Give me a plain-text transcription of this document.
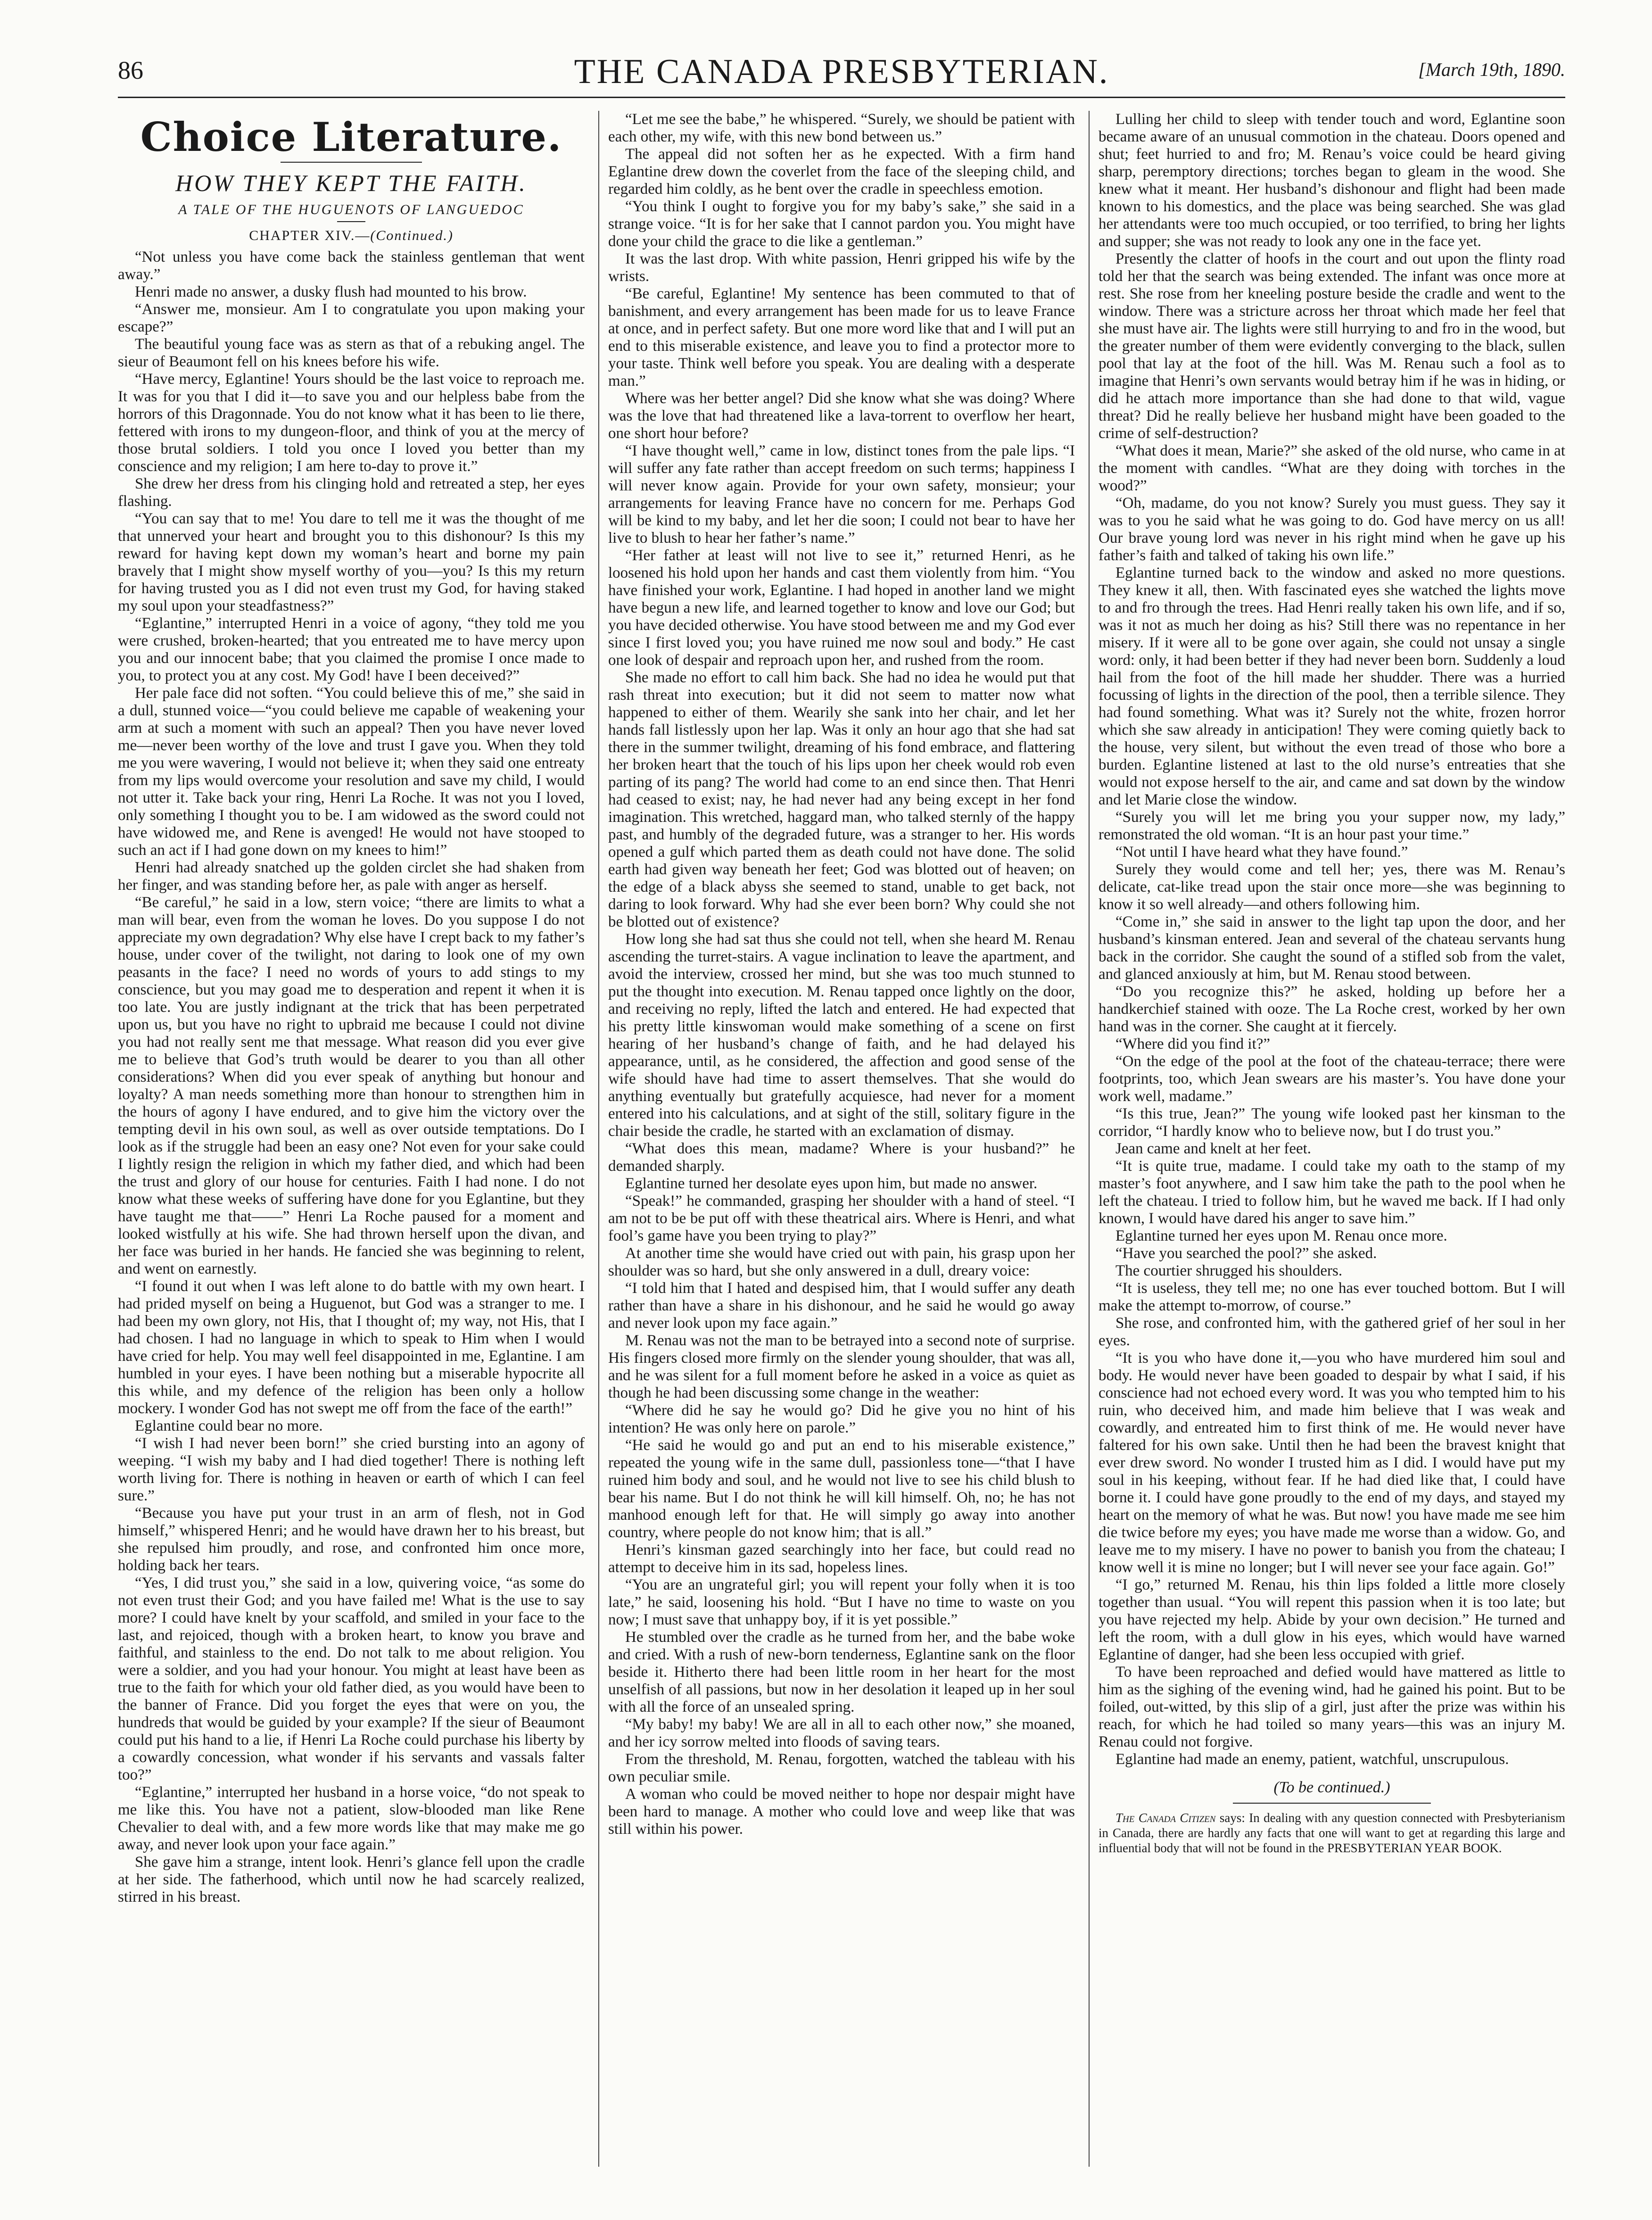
86	THE CANADA PRESBYTERIAN.	[March 19th, 1890.
Choice Literature.
HOW THEY KEPT THE FAITH.
A TALE OF THE HUGUENOTS OF LANGUEDOC
CHAPTER XIV.—(Continued.)

“Not unless you have come back the stainless gentleman that went away.”

Henri made no answer, a dusky flush had mounted to his brow.

“Answer me, monsieur. Am I to congratulate you upon making your escape?”

The beautiful young face was as stern as that of a rebuking angel. The sieur of Beaumont fell on his knees before his wife.

“Have mercy, Eglantine! Yours should be the last voice to reproach me. It was for you that I did it—to save you and our helpless babe from the horrors of this Dragonnade. You do not know what it has been to lie there, fettered with irons to my dungeon-floor, and think of you at the mercy of those brutal soldiers. I told you once I loved you better than my conscience and my religion; I am here to-day to prove it.”

She drew her dress from his clinging hold and retreated a step, her eyes flashing.

“You can say that to me! You dare to tell me it was the thought of me that unnerved your heart and brought you to this dishonour? Is this my reward for having kept down my woman’s heart and borne my pain bravely that I might show myself worthy of you—you? Is this my return for having trusted you as I did not even trust my God, for having staked my soul upon your steadfastness?”

“Eglantine,” interrupted Henri in a voice of agony, “they told me you were crushed, broken-hearted; that you entreated me to have mercy upon you and our innocent babe; that you claimed the promise I once made to you, to protect you at any cost. My God! have I been deceived?”

Her pale face did not soften. “You could believe this of me,” she said in a dull, stunned voice—“you could believe me capable of weakening your arm at such a moment with such an appeal? Then you have never loved me—never been worthy of the love and trust I gave you. When they told me you were wavering, I would not believe it; when they said one entreaty from my lips would overcome your resolution and save my child, I would not utter it. Take back your ring, Henri La Roche. It was not you I loved, only something I thought you to be. I am widowed as the sword could not have widowed me, and Rene is avenged! He would not have stooped to such an act if I had gone down on my knees to him!”

Henri had already snatched up the golden circlet she had shaken from her finger, and was standing before her, as pale with anger as herself.

“Be careful,” he said in a low, stern voice; “there are limits to what a man will bear, even from the woman he loves. Do you suppose I do not appreciate my own degradation? Why else have I crept back to my father’s house, under cover of the twilight, not daring to look one of my own peasants in the face? I need no words of yours to add stings to my conscience, but you may goad me to desperation and repent it when it is too late. You are justly indignant at the trick that has been perpetrated upon us, but you have no right to upbraid me because I could not divine you had not really sent me that message. What reason did you ever give me to believe that God’s truth would be dearer to you than all other considerations? When did you ever speak of anything but honour and loyalty? A man needs something more than honour to strengthen him in the hours of agony I have endured, and to give him the victory over the tempting devil in his own soul, as well as over outside temptations. Do I look as if the struggle had been an easy one? Not even for your sake could I lightly resign the religion in which my father died, and which had been the trust and glory of our house for centuries. Faith I had none. I do not know what these weeks of suffering have done for you Eglantine, but they have taught me that——” Henri La Roche paused for a moment and looked wistfully at his wife. She had thrown herself upon the divan, and her face was buried in her hands. He fancied she was beginning to relent, and went on earnestly.

“I found it out when I was left alone to do battle with my own heart. I had prided myself on being a Huguenot, but God was a stranger to me. I had been my own glory, not His, that I thought of; my way, not His, that I had chosen. I had no language in which to speak to Him when I would have cried for help. You may well feel disappointed in me, Eglantine. I am humbled in your eyes. I have been nothing but a miserable hypocrite all this while, and my defence of the religion has been only a hollow mockery. I wonder God has not swept me off from the face of the earth!”

Eglantine could bear no more.

“I wish I had never been born!” she cried bursting into an agony of weeping. “I wish my baby and I had died together! There is nothing left worth living for. There is nothing in heaven or earth of which I can feel sure.”

“Because you have put your trust in an arm of flesh, not in God himself,” whispered Henri; and he would have drawn her to his breast, but she repulsed him proudly, and rose, and confronted him once more, holding back her tears.

“Yes, I did trust you,” she said in a low, quivering voice, “as some do not even trust their God; and you have failed me! What is the use to say more? I could have knelt by your scaffold, and smiled in your face to the last, and rejoiced, though with a broken heart, to know you brave and faithful, and stainless to the end. Do not talk to me about religion. You were a soldier, and you had your honour. You might at least have been as true to the faith for which your old father died, as you would have been to the banner of France. Did you forget the eyes that were on you, the hundreds that would be guided by your example? If the sieur of Beaumont could put his hand to a lie, if Henri La Roche could purchase his liberty by a cowardly concession, what wonder if his servants and vassals falter too?”

“Eglantine,” interrupted her husband in a horse voice, “do not speak to me like this. You have not a patient, slow-blooded man like Rene Chevalier to deal with, and a few more words like that may make me go away, and never look upon your face again.”

She gave him a strange, intent look. Henri’s glance fell upon the cradle at her side. The fatherhood, which until now he had scarcely realized, stirred in his breast.

“Let me see the babe,” he whispered. “Surely, we should be patient with each other, my wife, with this new bond between us.”

The appeal did not soften her as he expected. With a firm hand Eglantine drew down the coverlet from the face of the sleeping child, and regarded him coldly, as he bent over the cradle in speechless emotion.

“You think I ought to forgive you for my baby’s sake,” she said in a strange voice. “It is for her sake that I cannot pardon you. You might have done your child the grace to die like a gentleman.”

It was the last drop. With white passion, Henri gripped his wife by the wrists.

“Be careful, Eglantine! My sentence has been commuted to that of banishment, and every arrangement has been made for us to leave France at once, and in perfect safety. But one more word like that and I will put an end to this miserable existence, and leave you to find a protector more to your taste. Think well before you speak. You are dealing with a desperate man.”

Where was her better angel? Did she know what she was doing? Where was the love that had threatened like a lava-torrent to overflow her heart, one short hour before?

“I have thought well,” came in low, distinct tones from the pale lips. “I will suffer any fate rather than accept freedom on such terms; happiness I will never know again. Provide for your own safety, monsieur; your arrangements for leaving France have no concern for me. Perhaps God will be kind to my baby, and let her die soon; I could not bear to have her live to blush to hear her father’s name.”

“Her father at least will not live to see it,” returned Henri, as he loosened his hold upon her hands and cast them violently from him. “You have finished your work, Eglantine. I had hoped in another land we might have begun a new life, and learned together to know and love our God; but you have decided otherwise. You have stood between me and my God ever since I first loved you; you have ruined me now soul and body.” He cast one look of despair and reproach upon her, and rushed from the room.

She made no effort to call him back. She had no idea he would put that rash threat into execution; but it did not seem to matter now what happened to either of them. Wearily she sank into her chair, and let her hands fall listlessly upon her lap. Was it only an hour ago that she had sat there in the summer twilight, dreaming of his fond embrace, and flattering her broken heart that the touch of his lips upon her cheek would rob even parting of its pang? The world had come to an end since then. That Henri had ceased to exist; nay, he had never had any being except in her fond imagination. This wretched, haggard man, who talked sternly of the happy past, and humbly of the degraded future, was a stranger to her. His words opened a gulf which parted them as death could not have done. The solid earth had given way beneath her feet; God was blotted out of heaven; on the edge of a black abyss she seemed to stand, unable to get back, not daring to look forward. Why had she ever been born? Why could she not be blotted out of existence?

How long she had sat thus she could not tell, when she heard M. Renau ascending the turret-stairs. A vague inclination to leave the apartment, and avoid the interview, crossed her mind, but she was too much stunned to put the thought into execution. M. Renau tapped once lightly on the door, and receiving no reply, lifted the latch and entered. He had expected that his pretty little kinswoman would make something of a scene on first hearing of her husband’s change of faith, and he had delayed his appearance, until, as he considered, the affection and good sense of the wife should have had time to assert themselves. That she would do anything eventually but gratefully acquiesce, had never for a moment entered into his calculations, and at sight of the still, solitary figure in the chair beside the cradle, he started with an exclamation of dismay.

“What does this mean, madame? Where is your husband?” he demanded sharply.

Eglantine turned her desolate eyes upon him, but made no answer.

“Speak!” he commanded, grasping her shoulder with a hand of steel. “I am not to be be put off with these theatrical airs. Where is Henri, and what fool’s game have you been trying to play?”

At another time she would have cried out with pain, his grasp upon her shoulder was so hard, but she only answered in a dull, dreary voice:

“I told him that I hated and despised him, that I would suffer any death rather than have a share in his dishonour, and he said he would go away and never look upon my face again.”

M. Renau was not the man to be betrayed into a second note of surprise. His fingers closed more firmly on the slender young shoulder, that was all, and he was silent for a full moment before he asked in a voice as quiet as though he had been discussing some change in the weather:

“Where did he say he would go? Did he give you no hint of his intention? He was only here on parole.”

“He said he would go and put an end to his miserable existence,” repeated the young wife in the same dull, passionless tone—“that I have ruined him body and soul, and he would not live to see his child blush to bear his name. But I do not think he will kill himself. Oh, no; he has not manhood enough left for that. He will simply go away into another country, where people do not know him; that is all.”

Henri’s kinsman gazed searchingly into her face, but could read no attempt to deceive him in its sad, hopeless lines.

“You are an ungrateful girl; you will repent your folly when it is too late,” he said, loosening his hold. “But I have no time to waste on you now; I must save that unhappy boy, if it is yet possible.”

He stumbled over the cradle as he turned from her, and the babe woke and cried. With a rush of new-born tenderness, Eglantine sank on the floor beside it. Hitherto there had been little room in her heart for the most unselfish of all passions, but now in her desolation it leaped up in her soul with all the force of an unsealed spring.

“My baby! my baby! We are all in all to each other now,” she moaned, and her icy sorrow melted into floods of saving tears.

From the threshold, M. Renau, forgotten, watched the tableau with his own peculiar smile.

A woman who could be moved neither to hope nor despair might have been hard to manage. A mother who could love and weep like that was still within his power.

Lulling her child to sleep with tender touch and word, Eglantine soon became aware of an unusual commotion in the chateau. Doors opened and shut; feet hurried to and fro; M. Renau’s voice could be heard giving sharp, peremptory directions; torches began to gleam in the wood. She knew what it meant. Her husband’s dishonour and flight had been made known to his domestics, and the place was being searched. She was glad her attendants were too much occupied, or too terrified, to bring her lights and supper; she was not ready to look any one in the face yet.

Presently the clatter of hoofs in the court and out upon the flinty road told her that the search was being extended. The infant was once more at rest. She rose from her kneeling posture beside the cradle and went to the window. There was a stricture across her throat which made her feel that she must have air. The lights were still hurrying to and fro in the wood, but the greater number of them were evidently converging to the black, sullen pool that lay at the foot of the hill. Was M. Renau such a fool as to imagine that Henri’s own servants would betray him if he was in hiding, or did he attach more importance than she had done to that wild, vague threat? Did he really believe her husband might have been goaded to the crime of self-destruction?

“What does it mean, Marie?” she asked of the old nurse, who came in at the moment with candles. “What are they doing with torches in the wood?”

“Oh, madame, do you not know? Surely you must guess. They say it was to you he said what he was going to do. God have mercy on us all! Our brave young lord was never in his right mind when he gave up his father’s faith and talked of taking his own life.”

Eglantine turned back to the window and asked no more questions. They knew it all, then. With fascinated eyes she watched the lights move to and fro through the trees. Had Henri really taken his own life, and if so, was it not as much her doing as his? Still there was no repentance in her misery. If it were all to be gone over again, she could not unsay a single word: only, it had been better if they had never been born. Suddenly a loud hail from the foot of the hill made her shudder. There was a hurried focussing of lights in the direction of the pool, then a terrible silence. They had found something. What was it? Surely not the white, frozen horror which she saw already in anticipation! They were coming quietly back to the house, very silent, but without the even tread of those who bore a burden. Eglantine listened at last to the old nurse’s entreaties that she would not expose herself to the air, and came and sat down by the window and let Marie close the window.

“Surely you will let me bring you your supper now, my lady,” remonstrated the old woman. “It is an hour past your time.”

“Not until I have heard what they have found.”

Surely they would come and tell her; yes, there was M. Renau’s delicate, cat-like tread upon the stair once more—she was beginning to know it so well already—and others following him.

“Come in,” she said in answer to the light tap upon the door, and her husband’s kinsman entered. Jean and several of the chateau servants hung back in the corridor. She caught the sound of a stifled sob from the valet, and glanced anxiously at him, but M. Renau stood between.

“Do you recognize this?” he asked, holding up before her a handkerchief stained with ooze. The La Roche crest, worked by her own hand was in the corner. She caught at it fiercely.

“Where did you find it?”

“On the edge of the pool at the foot of the chateau-terrace; there were footprints, too, which Jean swears are his master’s. You have done your work well, madame.”

“Is this true, Jean?” The young wife looked past her kinsman to the corridor, “I hardly know who to believe now, but I do trust you.”

Jean came and knelt at her feet.

“It is quite true, madame. I could take my oath to the stamp of my master’s foot anywhere, and I saw him take the path to the pool when he left the chateau. I tried to follow him, but he waved me back. If I had only known, I would have dared his anger to save him.”

Eglantine turned her eyes upon M. Renau once more.

“Have you searched the pool?” she asked.

The courtier shrugged his shoulders.

“It is useless, they tell me; no one has ever touched bottom. But I will make the attempt to-morrow, of course.”

She rose, and confronted him, with the gathered grief of her soul in her eyes.

“It is you who have done it,—you who have murdered him soul and body. He would never have been goaded to despair by what I said, if his conscience had not echoed every word. It was you who tempted him to his ruin, who deceived him, and made him believe that I was weak and cowardly, and entreated him to first think of me. He would never have faltered for his own sake. Until then he had been the bravest knight that ever drew sword. No wonder I trusted him as I did. I would have put my soul in his keeping, without fear. If he had died like that, I could have borne it. I could have gone proudly to the end of my days, and stayed my heart on the memory of what he was. But now! you have made me see him die twice before my eyes; you have made me worse than a widow. Go, and leave me to my misery. I have no power to banish you from the chateau; I know well it is mine no longer; but I will never see your face again. Go!”

“I go,” returned M. Renau, his thin lips folded a little more closely together than usual. “You will repent this passion when it is too late; but you have rejected my help. Abide by your own decision.” He turned and left the room, with a dull glow in his eyes, which would have warned Eglantine of danger, had she been less occupied with grief.

To have been reproached and defied would have mattered as little to him as the sighing of the evening wind, had he gained his point. But to be foiled, out-witted, by this slip of a girl, just after the prize was within his reach, for which he had toiled so many years—this was an injury M. Renau could not forgive.

Eglantine had made an enemy, patient, watchful, unscrupulous.

(To be continued.)

The Canada Citizen says: In dealing with any question connected with Presbyterianism in Canada, there are hardly any facts that one will want to get at regarding this large and influential body that will not be found in the PRESBYTERIAN YEAR BOOK.
